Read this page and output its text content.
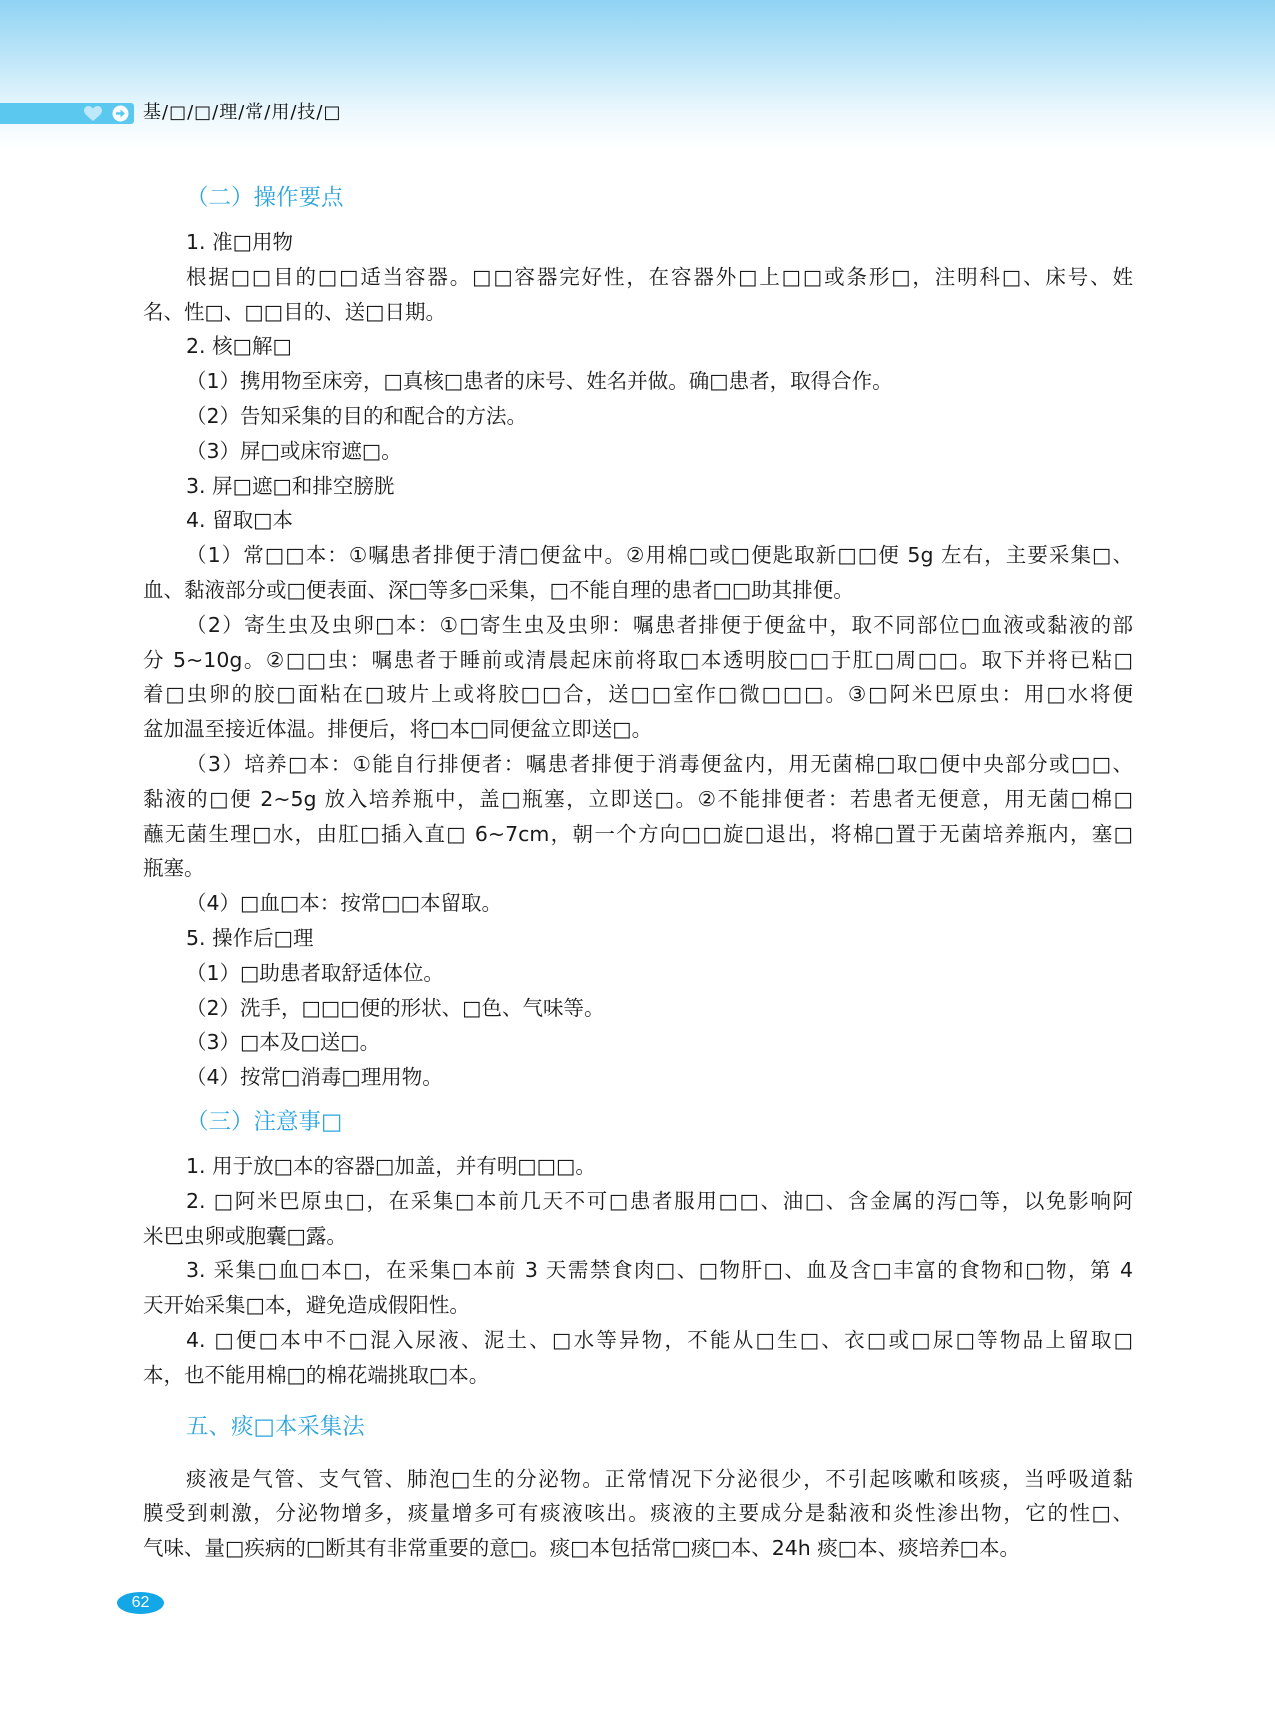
基/□/□/理/常/用/技/□
（二）操作要点
1. 准□用物
根据□□目的□□适当容器。□□容器完好性，在容器外□上□□或条形□，注明科□、床号、姓
名、性□、□□目的、送□日期。
2. 核□解□
（1）携用物至床旁，□真核□患者的床号、姓名并做。确□患者，取得合作。
（2）告知采集的目的和配合的方法。
（3）屏□或床帘遮□。
3. 屏□遮□和排空膀胱
4. 留取□本
（1）常□□本：①嘱患者排便于清□便盆中。②用棉□或□便匙取新□□便 5g 左右，主要采集□、
血、黏液部分或□便表面、深□等多□采集，□不能自理的患者□□助其排便。
（2）寄生虫及虫卵□本：①□寄生虫及虫卵：嘱患者排便于便盆中，取不同部位□血液或黏液的部
分 5~10g。②□□虫：嘱患者于睡前或清晨起床前将取□本透明胶□□于肛□周□□。取下并将已粘□
着□虫卵的胶□面粘在□玻片上或将胶□□合，送□□室作□微□□□。③□阿米巴原虫：用□水将便
盆加温至接近体温。排便后，将□本□同便盆立即送□。
（3）培养□本：①能自行排便者：嘱患者排便于消毒便盆内，用无菌棉□取□便中央部分或□□、
黏液的□便 2~5g 放入培养瓶中，盖□瓶塞，立即送□。②不能排便者：若患者无便意，用无菌□棉□
蘸无菌生理□水，由肛□插入直□ 6~7cm，朝一个方向□□旋□退出，将棉□置于无菌培养瓶内，塞□
瓶塞。
（4）□血□本：按常□□本留取。
5. 操作后□理
（1）□助患者取舒适体位。
（2）洗手，□□□便的形状、□色、气味等。
（3）□本及□送□。
（4）按常□消毒□理用物。
（三）注意事□
1. 用于放□本的容器□加盖，并有明□□□。
2. □阿米巴原虫□，在采集□本前几天不可□患者服用□□、油□、含金属的泻□等，以免影响阿
米巴虫卵或胞囊□露。
3. 采集□血□本□，在采集□本前 3 天需禁食肉□、□物肝□、血及含□丰富的食物和□物，第 4
天开始采集□本，避免造成假阳性。
4. □便□本中不□混入尿液、泥土、□水等异物，不能从□生□、衣□或□尿□等物品上留取□
本，也不能用棉□的棉花端挑取□本。
五、痰□本采集法
痰液是气管、支气管、肺泡□生的分泌物。正常情况下分泌很少，不引起咳嗽和咳痰，当呼吸道黏
膜受到刺激，分泌物增多，痰量增多可有痰液咳出。痰液的主要成分是黏液和炎性渗出物，它的性□、
气味、量□疾病的□断其有非常重要的意□。痰□本包括常□痰□本、24h 痰□本、痰培养□本。
62
